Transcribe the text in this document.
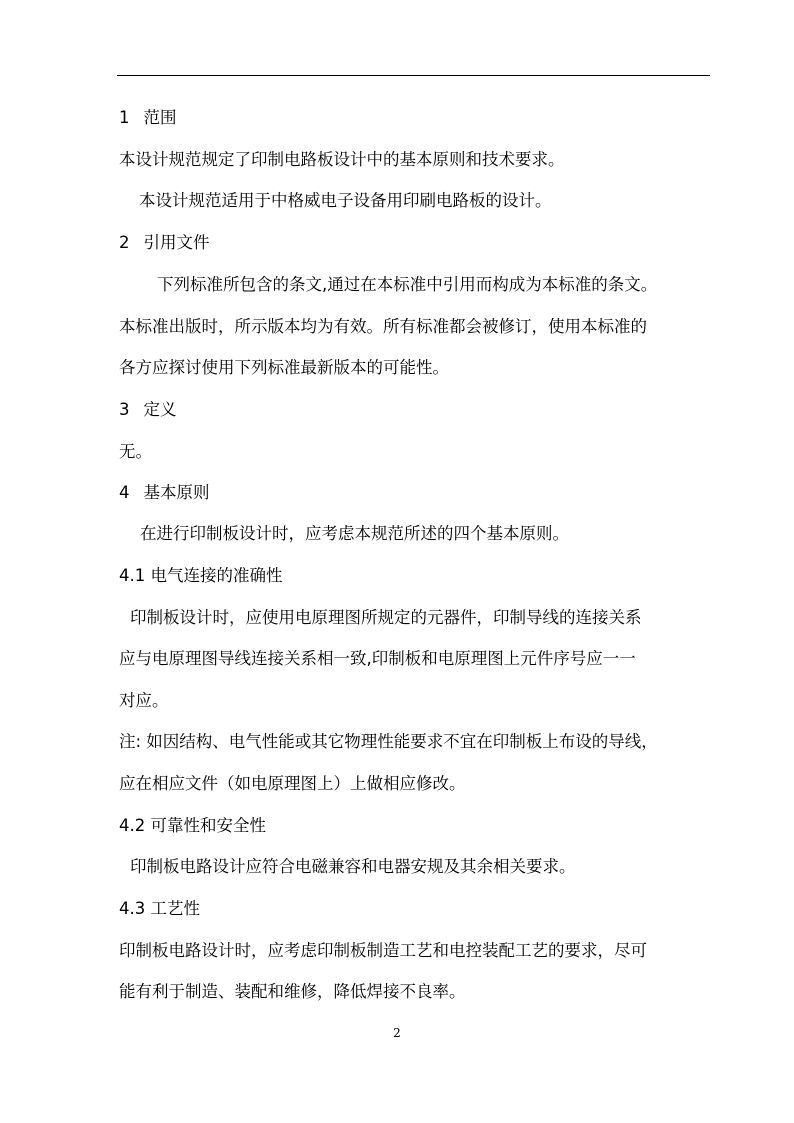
1 范围
本设计规范规定了印制电路板设计中的基本原则和技术要求。
本设计规范适用于中格威电子设备用印刷电路板的设计。
2 引用文件
下列标准所包含的条文,通过在本标准中引用而构成为本标准的条文。
本标准出版时，所示版本均为有效。所有标准都会被修订，使用本标准的
各方应探讨使用下列标准最新版本的可能性。
3 定义
无。
4 基本原则
在进行印制板设计时，应考虑本规范所述的四个基本原则。
4.1 电气连接的准确性
印制板设计时，应使用电原理图所规定的元器件，印制导线的连接关系
应与电原理图导线连接关系相一致,印制板和电原理图上元件序号应一一
对应。
注: 如因结构、电气性能或其它物理性能要求不宜在印制板上布设的导线，
应在相应文件（如电原理图上）上做相应修改。
4.2 可靠性和安全性
印制板电路设计应符合电磁兼容和电器安规及其余相关要求。
4.3 工艺性
印制板电路设计时，应考虑印制板制造工艺和电控装配工艺的要求，尽可
能有利于制造、装配和维修，降低焊接不良率。
2
